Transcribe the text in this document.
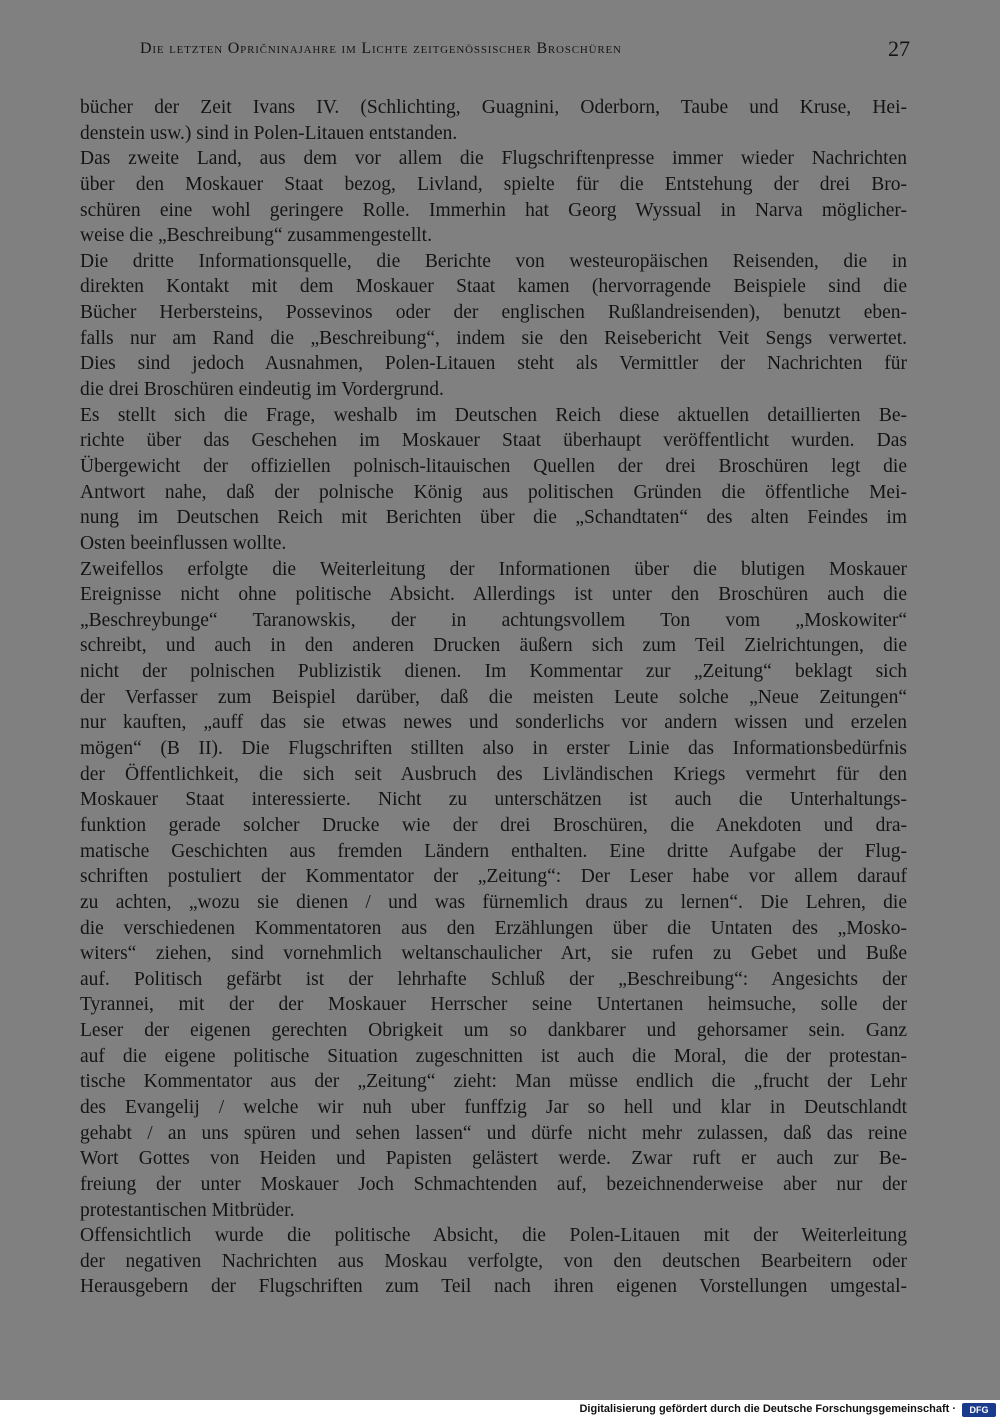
Die letzten Opričninajahre im Lichte zeitgenössischer Broschüren	27
bücher der Zeit Ivans IV. (Schlichting, Guagnini, Oderborn, Taube und Kruse, Hei-
denstein usw.) sind in Polen-Litauen entstanden.
Das zweite Land, aus dem vor allem die Flugschriftenpresse immer wieder Nachrichten
über den Moskauer Staat bezog, Livland, spielte für die Entstehung der drei Bro-
schüren eine wohl geringere Rolle. Immerhin hat Georg Wyssual in Narva möglicher-
weise die „Beschreibung“ zusammengestellt.
Die dritte Informationsquelle, die Berichte von westeuropäischen Reisenden, die in
direkten Kontakt mit dem Moskauer Staat kamen (hervorragende Beispiele sind die
Bücher Herbersteins, Possevinos oder der englischen Rußlandreisenden), benutzt eben-
falls nur am Rand die „Beschreibung“, indem sie den Reisebericht Veit Sengs verwertet.
Dies sind jedoch Ausnahmen, Polen-Litauen steht als Vermittler der Nachrichten für
die drei Broschüren eindeutig im Vordergrund.
Es stellt sich die Frage, weshalb im Deutschen Reich diese aktuellen detaillierten Be-
richte über das Geschehen im Moskauer Staat überhaupt veröffentlicht wurden. Das
Übergewicht der offiziellen polnisch-litauischen Quellen der drei Broschüren legt die
Antwort nahe, daß der polnische König aus politischen Gründen die öffentliche Mei-
nung im Deutschen Reich mit Berichten über die „Schandtaten“ des alten Feindes im
Osten beeinflussen wollte.
Zweifellos erfolgte die Weiterleitung der Informationen über die blutigen Moskauer
Ereignisse nicht ohne politische Absicht. Allerdings ist unter den Broschüren auch die
„Beschreybunge“ Taranowskis, der in achtungsvollem Ton vom „Moskowiter“
schreibt, und auch in den anderen Drucken äußern sich zum Teil Zielrichtungen, die
nicht der polnischen Publizistik dienen. Im Kommentar zur „Zeitung“ beklagt sich
der Verfasser zum Beispiel darüber, daß die meisten Leute solche „Neue Zeitungen“
nur kauften, „auff das sie etwas newes und sonderlichs vor andern wissen und erzelen
mögen“ (B II). Die Flugschriften stillten also in erster Linie das Informationsbedürfnis
der Öffentlichkeit, die sich seit Ausbruch des Livländischen Kriegs vermehrt für den
Moskauer Staat interessierte. Nicht zu unterschätzen ist auch die Unterhaltungs-
funktion gerade solcher Drucke wie der drei Broschüren, die Anekdoten und dra-
matische Geschichten aus fremden Ländern enthalten. Eine dritte Aufgabe der Flug-
schriften postuliert der Kommentator der „Zeitung“: Der Leser habe vor allem darauf
zu achten, „wozu sie dienen / und was fürnemlich draus zu lernen“. Die Lehren, die
die verschiedenen Kommentatoren aus den Erzählungen über die Untaten des „Mosko-
witers“ ziehen, sind vornehmlich weltanschaulicher Art, sie rufen zu Gebet und Buße
auf. Politisch gefärbt ist der lehrhafte Schluß der „Beschreibung“: Angesichts der
Tyrannei, mit der der Moskauer Herrscher seine Untertanen heimsuche, solle der
Leser der eigenen gerechten Obrigkeit um so dankbarer und gehorsamer sein. Ganz
auf die eigene politische Situation zugeschnitten ist auch die Moral, die der protestan-
tische Kommentator aus der „Zeitung“ zieht: Man müsse endlich die „frucht der Lehr
des Evangelij / welche wir nuh uber funffzig Jar so hell und klar in Deutschlandt
gehabt / an uns spüren und sehen lassen“ und dürfe nicht mehr zulassen, daß das reine
Wort Gottes von Heiden und Papisten gelästert werde. Zwar ruft er auch zur Be-
freiung der unter Moskauer Joch Schmachtenden auf, bezeichnenderweise aber nur der
protestantischen Mitbrüder.
Offensichtlich wurde die politische Absicht, die Polen-Litauen mit der Weiterleitung
der negativen Nachrichten aus Moskau verfolgte, von den deutschen Bearbeitern oder
Herausgebern der Flugschriften zum Teil nach ihren eigenen Vorstellungen umgestal-
Digitalisierung gefördert durch die Deutsche Forschungsgemeinschaft ·	DFG
